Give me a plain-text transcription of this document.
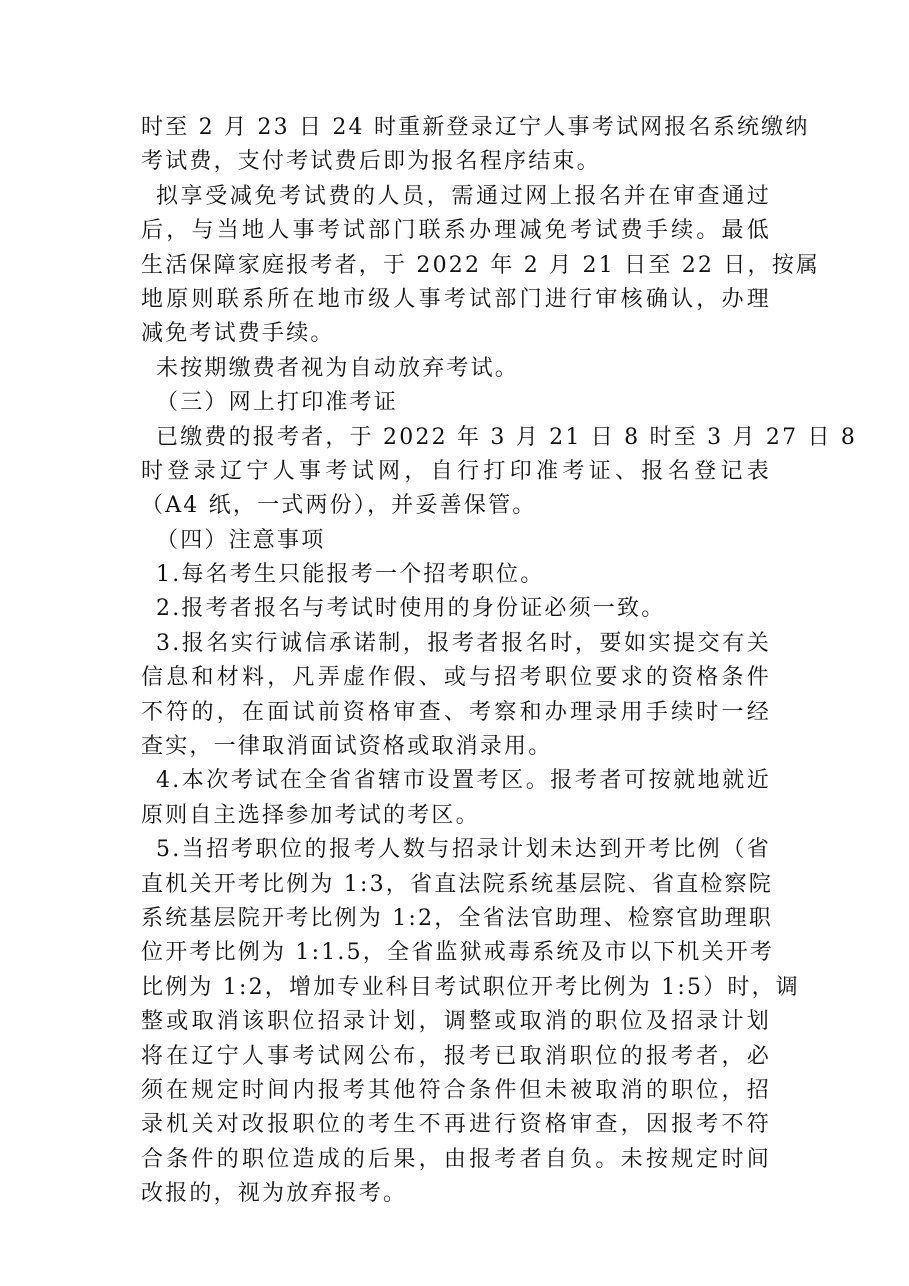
时至 2 月 23 日 24 时重新登录辽宁人事考试网报名系统缴纳
考试费，支付考试费后即为报名程序结束。
拟享受减免考试费的人员，需通过网上报名并在审查通过
后，与当地人事考试部门联系办理减免考试费手续。最低
生活保障家庭报考者，于 2022 年 2 月 21 日至 22 日，按属
地原则联系所在地市级人事考试部门进行审核确认，办理
减免考试费手续。
未按期缴费者视为自动放弃考试。
（三）网上打印准考证
已缴费的报考者，于 2022 年 3 月 21 日 8 时至 3 月 27 日 8
时登录辽宁人事考试网，自行打印准考证、报名登记表
（A4 纸，一式两份），并妥善保管。
（四）注意事项
1.每名考生只能报考一个招考职位。
2.报考者报名与考试时使用的身份证必须一致。
3.报名实行诚信承诺制，报考者报名时，要如实提交有关
信息和材料，凡弄虚作假、或与招考职位要求的资格条件
不符的，在面试前资格审查、考察和办理录用手续时一经
查实，一律取消面试资格或取消录用。
4.本次考试在全省省辖市设置考区。报考者可按就地就近
原则自主选择参加考试的考区。
5.当招考职位的报考人数与招录计划未达到开考比例（省
直机关开考比例为 1:3，省直法院系统基层院、省直检察院
系统基层院开考比例为 1:2，全省法官助理、检察官助理职
位开考比例为 1:1.5，全省监狱戒毒系统及市以下机关开考
比例为 1:2，增加专业科目考试职位开考比例为 1:5）时，调
整或取消该职位招录计划，调整或取消的职位及招录计划
将在辽宁人事考试网公布，报考已取消职位的报考者，必
须在规定时间内报考其他符合条件但未被取消的职位，招
录机关对改报职位的考生不再进行资格审查，因报考不符
合条件的职位造成的后果，由报考者自负。未按规定时间
改报的，视为放弃报考。
